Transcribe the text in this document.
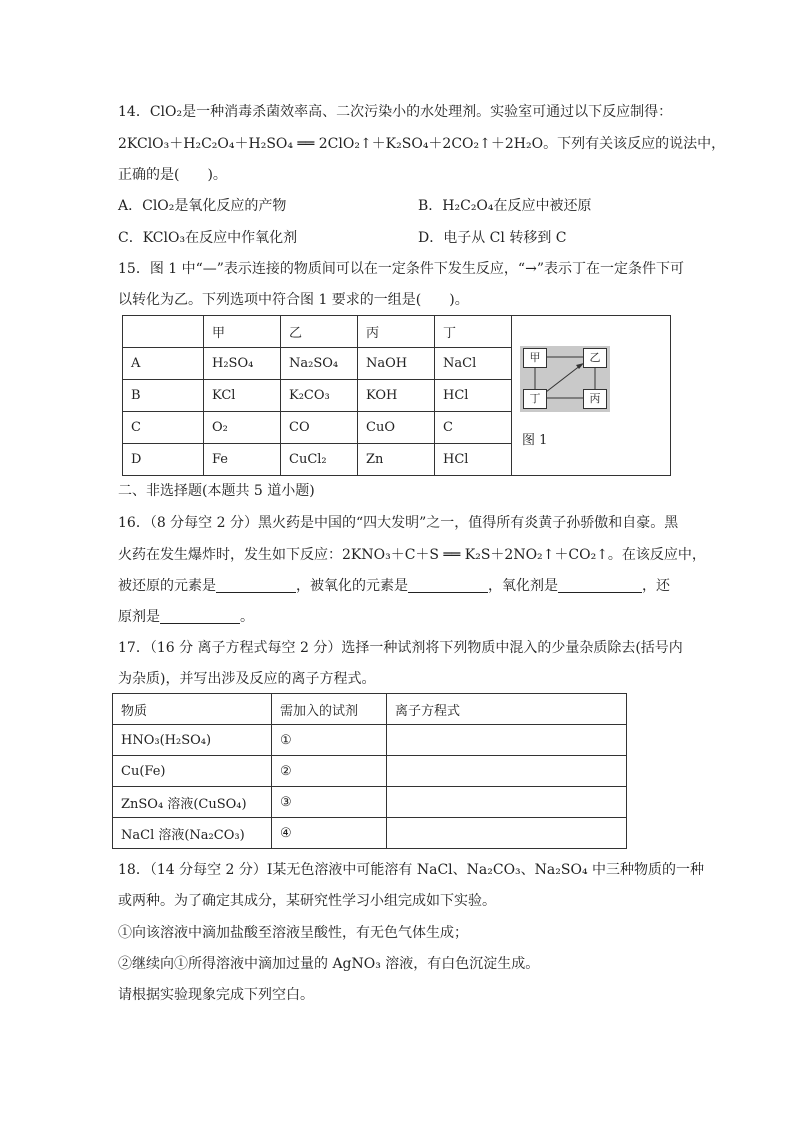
14．ClO₂是一种消毒杀菌效率高、二次污染小的水处理剂。实验室可通过以下反应制得：
2KClO₃＋H₂C₂O₄＋H₂SO₄ ══ 2ClO₂↑＋K₂SO₄＋2CO₂↑＋2H₂O。下列有关该反应的说法中，
正确的是(　　)。
A．ClO₂是氧化反应的产物	B．H₂C₂O₄在反应中被还原
C．KClO₃在反应中作氧化剂	D．电子从 Cl 转移到 C
15．图 1 中“—”表示连接的物质间可以在一定条件下发生反应，“→”表示丁在一定条件下可
以转化为乙。下列选项中符合图 1 要求的一组是(　　)。
	甲	乙	丙	丁	甲 乙
丁 丙
图 1

A	H₂SO₄	Na₂SO₄	NaOH	NaCl	
B	KCl	K₂CO₃	KOH	HCl	
C	O₂	CO	CuO	C	
D	Fe	CuCl₂	Zn	HCl	
二、非选择题(本题共 5 道小题)
16．（8 分每空 2 分）黑火药是中国的“四大发明”之一，值得所有炎黄子孙骄傲和自豪。黑
火药在发生爆炸时，发生如下反应：2KNO₃＋C＋S ══ K₂S＋2NO₂↑＋CO₂↑。在该反应中，
被还原的元素是	，被氧化的元素是	，氧化剂是	，还
原剂是	。
17．（16 分 离子方程式每空 2 分）选择一种试剂将下列物质中混入的少量杂质除去(括号内
为杂质)，并写出涉及反应的离子方程式。
物质	需加入的试剂	离子方程式
HNO₃(H₂SO₄)	①	
Cu(Fe)	②	
ZnSO₄ 溶液(CuSO₄)	③	
NaCl 溶液(Na₂CO₃)	④	
18．（14 分每空 2 分）Ⅰ某无色溶液中可能溶有 NaCl、Na₂CO₃、Na₂SO₄ 中三种物质的一种
或两种。为了确定其成分，某研究性学习小组完成如下实验。
①向该溶液中滴加盐酸至溶液呈酸性，有无色气体生成；
②继续向①所得溶液中滴加过量的 AgNO₃ 溶液，有白色沉淀生成。
请根据实验现象完成下列空白。
